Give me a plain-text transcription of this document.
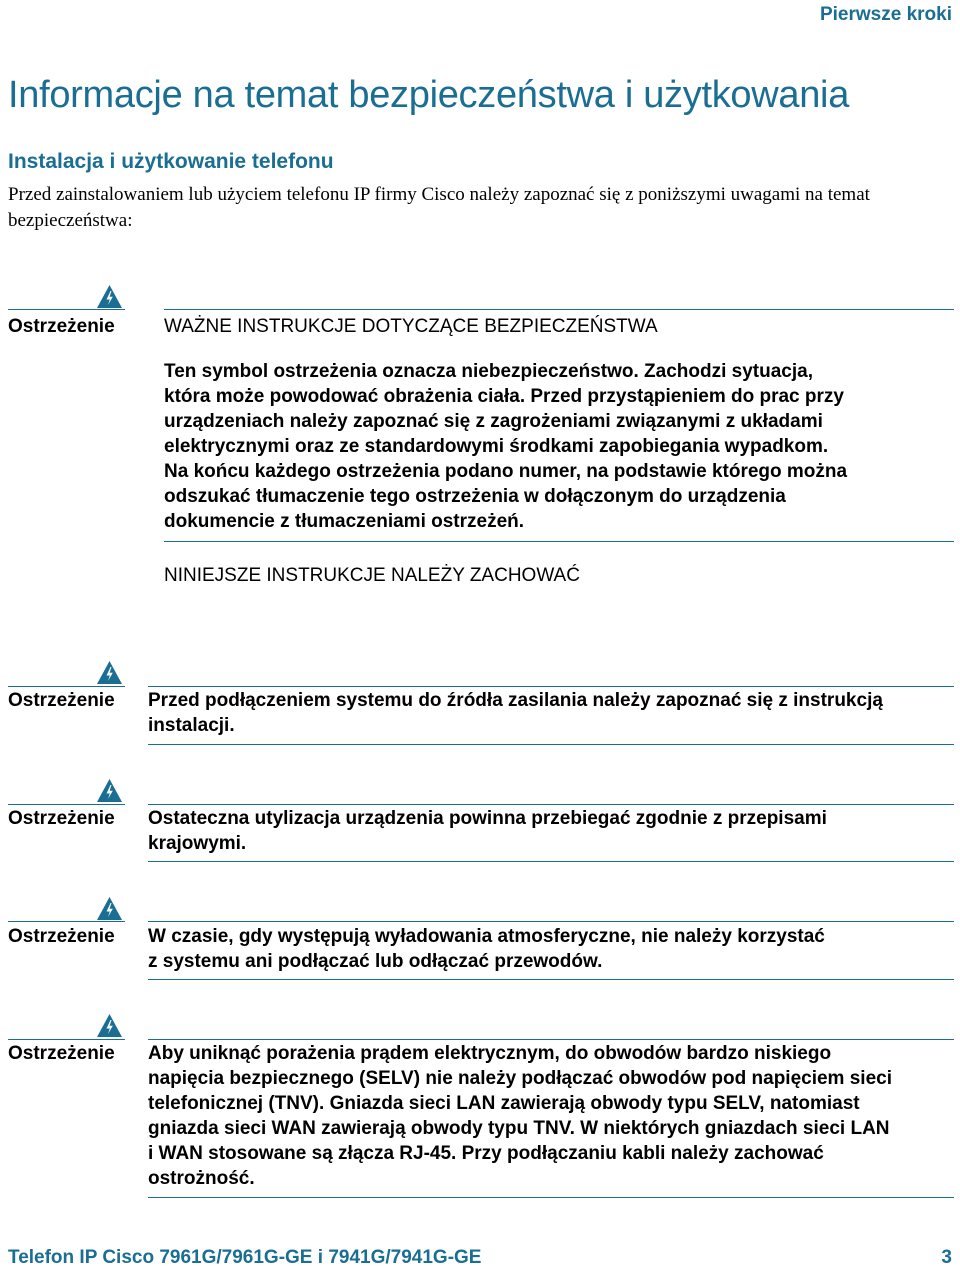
Pierwsze kroki
Informacje na temat bezpieczeństwa i użytkowania
Instalacja i użytkowanie telefonu

Przed zainstalowaniem lub użyciem telefonu IP firmy Cisco należy zapoznać się z poniższymi uwagami na temat bezpieczeństwa:

Ostrzeżenie	WAŻNE INSTRUKCJE DOTYCZĄCE BEZPIECZEŃSTWA
Ten symbol ostrzeżenia oznacza niebezpieczeństwo. Zachodzi sytuacja,
która może powodować obrażenia ciała. Przed przystąpieniem do prac przy
urządzeniach należy zapoznać się z zagrożeniami związanymi z układami
elektrycznymi oraz ze standardowymi środkami zapobiegania wypadkom.
Na końcu każdego ostrzeżenia podano numer, na podstawie którego można
odszukać tłumaczenie tego ostrzeżenia w dołączonym do urządzenia
dokumencie z tłumaczeniami ostrzeżeń.
NINIEJSZE INSTRUKCJE NALEŻY ZACHOWAĆ
Ostrzeżenie Przed podłączeniem systemu do źródła zasilania należy zapoznać się z instrukcją
instalacji.
Ostrzeżenie Ostateczna utylizacja urządzenia powinna przebiegać zgodnie z przepisami
krajowymi.
Ostrzeżenie W czasie, gdy występują wyładowania atmosferyczne, nie należy korzystać
z systemu ani podłączać lub odłączać przewodów.
Ostrzeżenie Aby uniknąć porażenia prądem elektrycznym, do obwodów bardzo niskiego
napięcia bezpiecznego (SELV) nie należy podłączać obwodów pod napięciem sieci
telefonicznej (TNV). Gniazda sieci LAN zawierają obwody typu SELV, natomiast
gniazda sieci WAN zawierają obwody typu TNV. W niektórych gniazdach sieci LAN
i WAN stosowane są złącza RJ-45. Przy podłączaniu kabli należy zachować
ostrożność.
Telefon IP Cisco 7961G/7961G-GE i 7941G/7941G-GE	3
